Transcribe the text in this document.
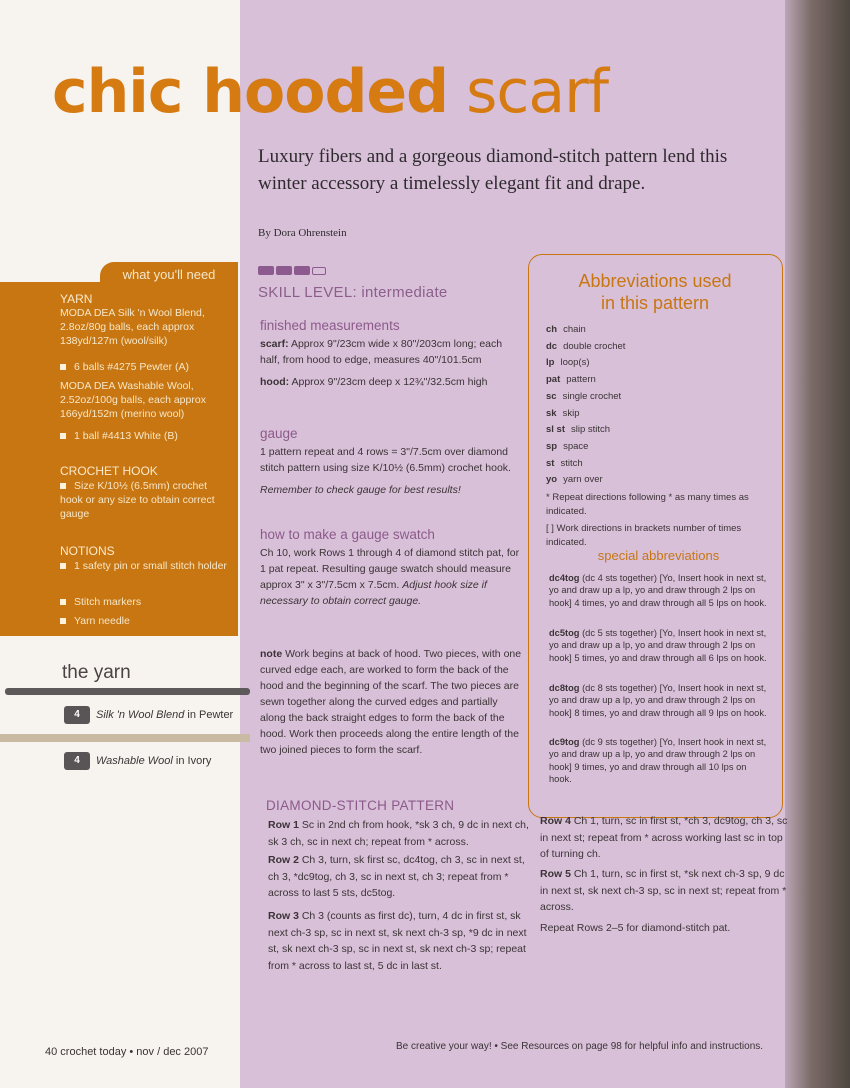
chic hooded scarf
Luxury fibers and a gorgeous diamond-stitch pattern lend this winter accessory a timelessly elegant fit and drape.
By Dora Ohrenstein
what you'll need
YARN
MODA DEA Silk 'n Wool Blend, 2.8oz/80g balls, each approx 138yd/127m (wool/silk)
6 balls #4275 Pewter (A)
MODA DEA Washable Wool, 2.52oz/100g balls, each approx 166yd/152m (merino wool)
1 ball #4413 White (B)
CROCHET HOOK
Size K/10½ (6.5mm) crochet hook or any size to obtain correct gauge
NOTIONS
1 safety pin or small stitch holder
Stitch markers
Yarn needle
the yarn
4 Silk 'n Wool Blend in Pewter
4 Washable Wool in Ivory
SKILL LEVEL: intermediate
finished measurements

scarf: Approx 9"/23cm wide x 80"/203cm long; each half, from hood to edge, measures 40"/101.5cm

hood: Approx 9"/23cm deep x 12¾"/32.5cm high

gauge

1 pattern repeat and 4 rows = 3"/7.5cm over diamond stitch pattern using size K/10½ (6.5mm) crochet hook.

Remember to check gauge for best results!

how to make a gauge swatch

Ch 10, work Rows 1 through 4 of diamond stitch pat, for 1 pat repeat. Resulting gauge swatch should measure approx 3" x 3"/7.5cm x 7.5cm. Adjust hook size if necessary to obtain correct gauge.

note Work begins at back of hood. Two pieces, with one curved edge each, are worked to form the back of the hood and the beginning of the scarf. The two pieces are sewn together along the curved edges and partially along the back straight edges to form the back of the hood. Work then proceeds along the entire length of the two joined pieces to form the scarf.

Abbreviations used
in this pattern
ch chain
dc double crochet
lp loop(s)
pat pattern
sc single crochet
sk skip
sl st slip stitch
sp space
st stitch
yo yarn over
* Repeat directions following * as many times as indicated.
[ ] Work directions in brackets number of times indicated.
special abbreviations
dc4tog (dc 4 sts together) [Yo, Insert hook in next st, yo and draw up a lp, yo and draw through 2 lps on hook] 4 times, yo and draw through all 5 lps on hook.
dc5tog (dc 5 sts together) [Yo, Insert hook in next st, yo and draw up a lp, yo and draw through 2 lps on hook] 5 times, yo and draw through all 6 lps on hook.
dc8tog (dc 8 sts together) [Yo, Insert hook in next st, yo and draw up a lp, yo and draw through 2 lps on hook] 8 times, yo and draw through all 9 lps on hook.
dc9tog (dc 9 sts together) [Yo, Insert hook in next st, yo and draw up a lp, yo and draw through 2 lps on hook] 9 times, yo and draw through all 10 lps on hook.
DIAMOND-STITCH PATTERN
Row 1 Sc in 2nd ch from hook, *sk 3 ch, 9 dc in next ch, sk 3 ch, sc in next ch; repeat from * across.
Row 2 Ch 3, turn, sk first sc, dc4tog, ch 3, sc in next st, ch 3, *dc9tog, ch 3, sc in next st, ch 3; repeat from * across to last 5 sts, dc5tog.
Row 3 Ch 3 (counts as first dc), turn, 4 dc in first st, sk next ch-3 sp, sc in next st, sk next ch-3 sp, *9 dc in next st, sk next ch-3 sp, sc in next st, sk next ch-3 sp; repeat from * across to last st, 5 dc in last st.
Row 4 Ch 1, turn, sc in first st, *ch 3, dc9tog, ch 3, sc in next st; repeat from * across working last sc in top of turning ch.
Row 5 Ch 1, turn, sc in first st, *sk next ch-3 sp, 9 dc in next st, sk next ch-3 sp, sc in next st; repeat from * across.
Repeat Rows 2–5 for diamond-stitch pat.
40 crochet today • nov / dec 2007	Be creative your way! • See Resources on page 98 for helpful info and instructions.
